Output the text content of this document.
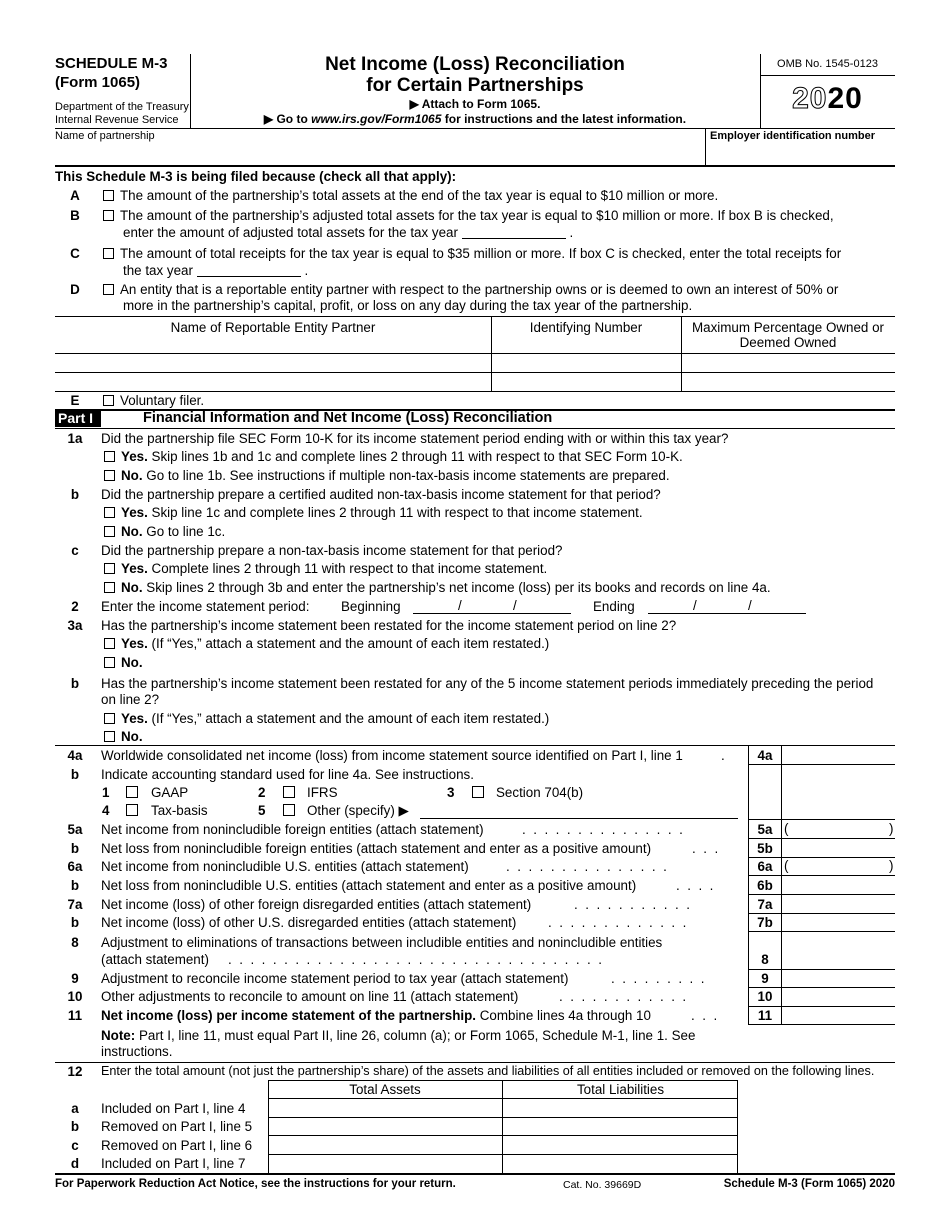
SCHEDULE M-3
(Form 1065)
Department of the Treasury
Internal Revenue Service
Net Income (Loss) Reconciliation
for Certain Partnerships
▶ Attach to Form 1065.
▶ Go to www.irs.gov/Form1065 for instructions and the latest information.
OMB No. 1545-0123
2020
Name of partnership	Employer identification number
This Schedule M-3 is being filed because (check all that apply):
A	The amount of the partnership’s total assets at the end of the tax year is equal to $10 million or more.
B	The amount of the partnership’s adjusted total assets for the tax year is equal to $10 million or more. If box B is checked,
enter the amount of adjusted total assets for the tax year	.
C	The amount of total receipts for the tax year is equal to $35 million or more. If box C is checked, enter the total receipts for
the tax year	.
D	An entity that is a reportable entity partner with respect to the partnership owns or is deemed to own an interest of 50% or
more in the partnership’s capital, profit, or loss on any day during the tax year of the partnership.
Name of Reportable Entity Partner	Identifying Number	Maximum Percentage Owned or
Deemed Owned
E	Voluntary filer.
Part I	Financial Information and Net Income (Loss) Reconciliation
1a	Did the partnership file SEC Form 10-K for its income statement period ending with or within this tax year?
Yes. Skip lines 1b and 1c and complete lines 2 through 11 with respect to that SEC Form 10-K.
No. Go to line 1b. See instructions if multiple non-tax-basis income statements are prepared.
b	Did the partnership prepare a certified audited non-tax-basis income statement for that period?
Yes. Skip line 1c and complete lines 2 through 11 with respect to that income statement.
No. Go to line 1c.
c	Did the partnership prepare a non-tax-basis income statement for that period?
Yes. Complete lines 2 through 11 with respect to that income statement.
No. Skip lines 2 through 3b and enter the partnership’s net income (loss) per its books and records on line 4a.
2	Enter the income statement period: Beginning	/	/	Ending	/	/
3a	Has the partnership’s income statement been restated for the income statement period on line 2?
Yes. (If “Yes,” attach a statement and the amount of each item restated.)
No.
b	Has the partnership’s income statement been restated for any of the 5 income statement periods immediately preceding the period
on line 2?
Yes. (If “Yes,” attach a statement and the amount of each item restated.)
No.
4a	Worldwide consolidated net income (loss) from income statement source identified on Part I, line 1	.	4a
b	Indicate accounting standard used for line 4a. See instructions.
1	GAAP	2	IFRS	3	Section 704(b)
4	Tax-basis	5	Other (specify) ▶
5a	Net income from nonincludible foreign entities (attach statement)	...............	5a (	)
b	Net loss from nonincludible foreign entities (attach statement and enter as a positive amount)	...	5b
6a	Net income from nonincludible U.S. entities (attach statement)	...............	6a (	)
b	Net loss from nonincludible U.S. entities (attach statement and enter as a positive amount)	....	6b
7a	Net income (loss) of other foreign disregarded entities (attach statement)	...........	7a
b	Net income (loss) of other U.S. disregarded entities (attach statement) .............	7b
8	Adjustment to eliminations of transactions between includible entities and nonincludible entities
(attach statement) ..................................	8
9	Adjustment to reconcile income statement period to tax year (attach statement)	.........	9
10	Other adjustments to reconcile to amount on line 11 (attach statement)	............	10
11	Net income (loss) per income statement of the partnership. Combine lines 4a through 10	...	11
Note: Part I, line 11, must equal Part II, line 26, column (a); or Form 1065, Schedule M-1, line 1. See
instructions.
12	Enter the total amount (not just the partnership’s share) of the assets and liabilities of all entities included or removed on the following lines.
Total Assets	Total Liabilities
a	Included on Part I, line 4
b	Removed on Part I, line 5
c	Removed on Part I, line 6
d	Included on Part I, line 7
For Paperwork Reduction Act Notice, see the instructions for your return.	Cat. No. 39669D	Schedule M-3 (Form 1065) 2020
